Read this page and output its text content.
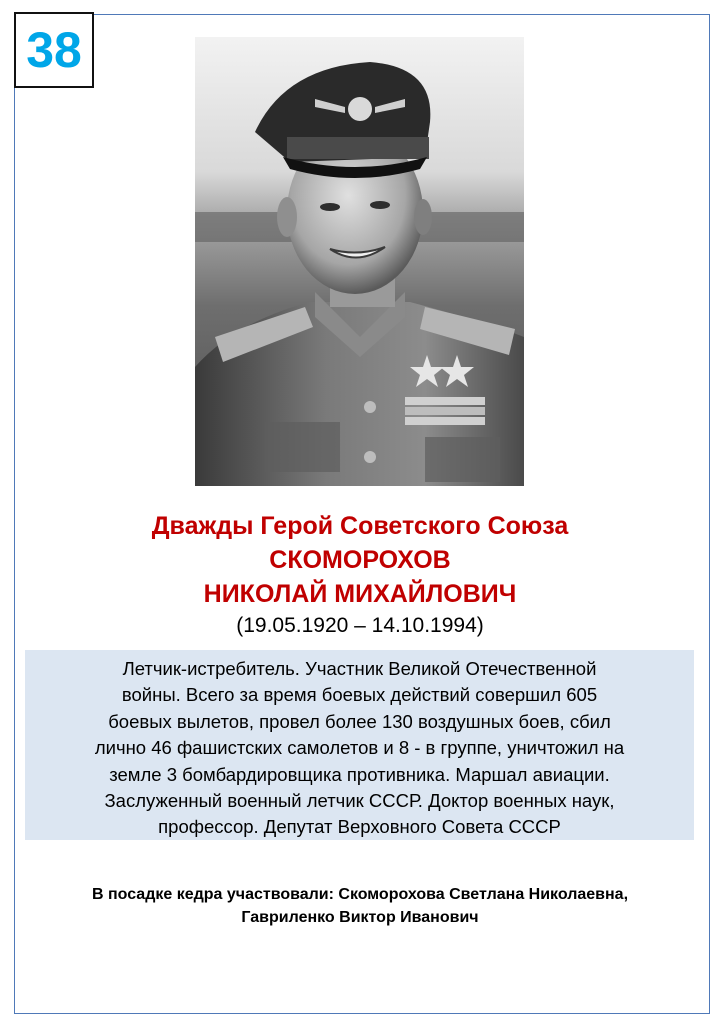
38
Дважды Герой Советского Союза
СКОМОРОХОВ
НИКОЛАЙ МИХАЙЛОВИЧ
(19.05.1920 – 14.10.1994)
Летчик-истребитель. Участник Великой Отечественной
войны. Всего за время боевых действий совершил 605
боевых вылетов, провел более 130 воздушных боев, сбил
лично 46 фашистских самолетов и 8 - в группе, уничтожил на
земле 3 бомбардировщика противника. Маршал авиации.
Заслуженный военный летчик СССР. Доктор военных наук,
профессор. Депутат Верховного Совета СССР
В посадке кедра участвовали: Скоморохова Светлана Николаевна,
Гавриленко Виктор Иванович
